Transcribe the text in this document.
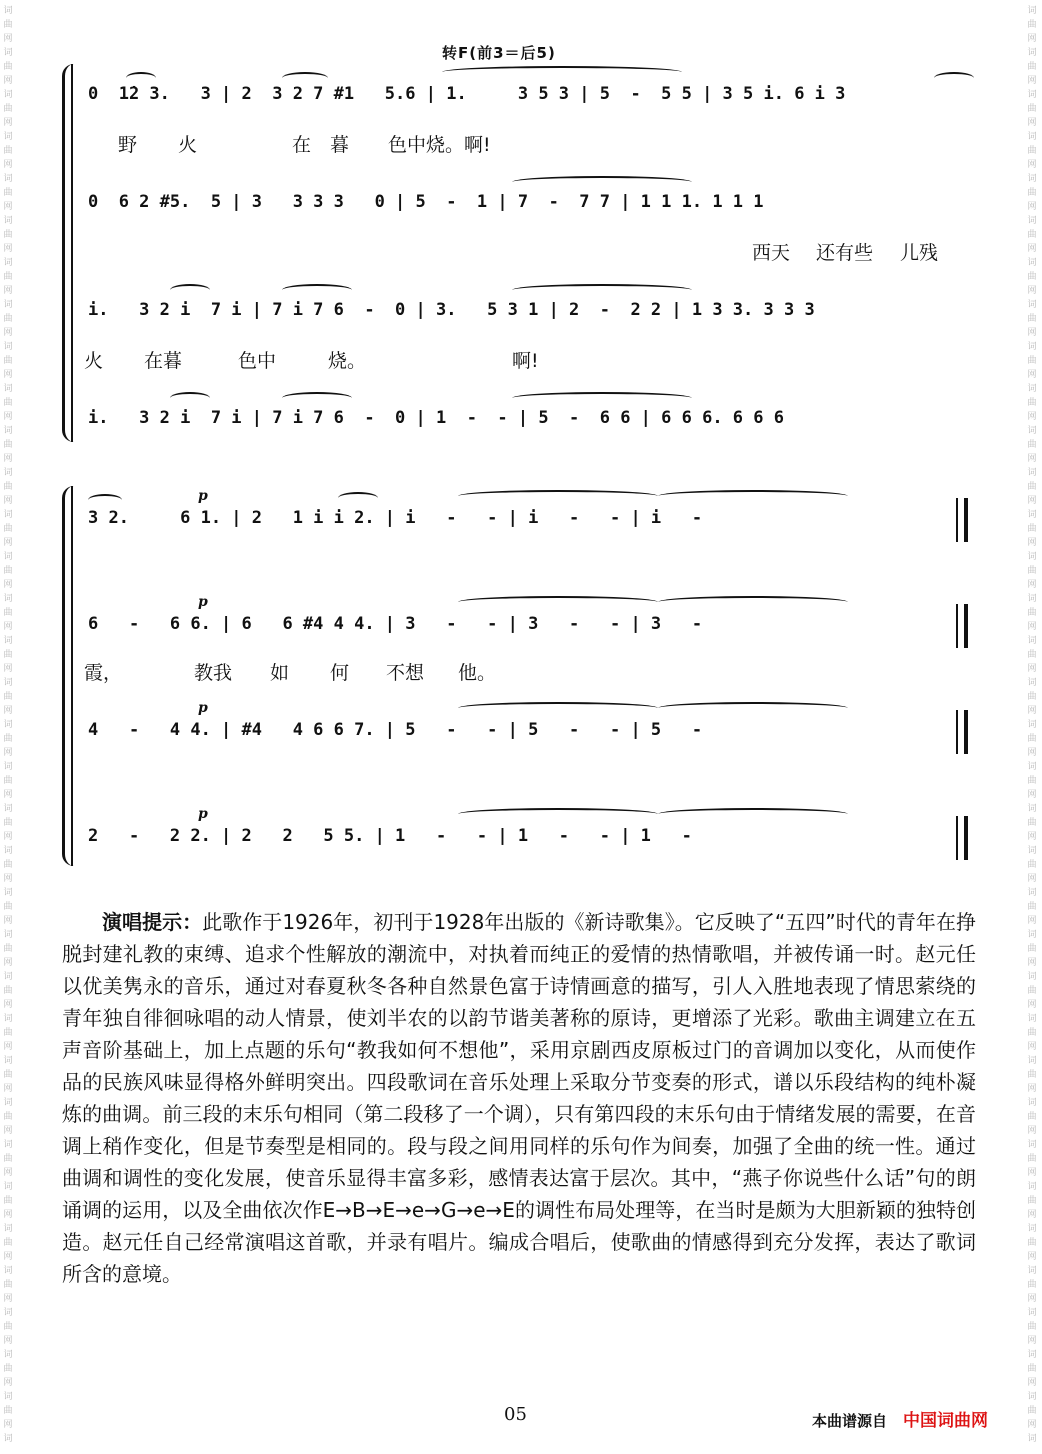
词
曲
网
词
曲
网
词
曲
网
词
曲
网
词
曲
网
词
曲
网
词
曲
网
词
曲
网
词
曲
网
词
曲
网
词
曲
网
词
曲
网
词
曲
网
词
曲
网
词
曲
网
词
曲
网
词
曲
网
词
曲
网
词
曲
网
词
曲
网
词
曲
网
词
曲
网
词
曲
网
词
曲
网
词
曲
网
词
曲
网
词
曲
网
词
曲
网
词
曲
网
词
曲
网
词
曲
网
词
曲
网
词
曲
网
词
曲
网
词
词
曲
网
词
曲
网
词
曲
网
词
曲
网
词
曲
网
词
曲
网
词
曲
网
词
曲
网
词
曲
网
词
曲
网
词
曲
网
词
曲
网
词
曲
网
词
曲
网
词
曲
网
词
曲
网
词
曲
网
词
曲
网
词
曲
网
词
曲
网
词
曲
网
词
曲
网
词
曲
网
词
曲
网
词
曲
网
词
曲
网
词
曲
网
词
曲
网
词
曲
网
词
曲
网
词
曲
网
词
曲
网
词
曲
网
词
曲
网
词
转F(前3＝后5)
0  1̇2 3.   3 | 2  3 2 7 #1   5.6 | 1.     3 5 3 | 5  -  5 5 | 3 5 i. 6 i 3
野 火	在 暮 色中烧。啊!
0  6 2 #5.  5 | 3   3 3 3   0 | 5  -  1 | 7  -  7 7 | 1 1 1. 1 1 1
西天 还有些 儿残
i.   3 2 i  7 i | 7 i 7 6  -  0 | 3.   5 3 1 | 2  -  2 2 | 1 3 3. 3 3 3
火 在暮	色中	烧。	啊!
i.   3 2 i  7 i | 7 i 7 6  -  0 | 1  -  - | 5  -  6 6 | 6 6 6. 6 6 6
p
3 2.     6 1. | 2   1 i i 2. | i   -   - | i   -   - | i   -
p
6   -   6 6. | 6   6 #4 4 4. | 3   -   - | 3   -   - | 3   -
霞，	教我 如 何 不想 他。
p
4   -   4 4. | #4   4 6 6 7. | 5   -   - | 5   -   - | 5   -
p
2   -   2 2. | 2   2   5 5. | 1   -   - | 1   -   - | 1   -

演唱提示：此歌作于1926年，初刊于1928年出版的《新诗歌集》。它反映了“五四”时代的青年在挣脱封建礼教的束缚、追求个性解放的潮流中，对执着而纯正的爱情的热情歌唱，并被传诵一时。赵元任以优美隽永的音乐，通过对春夏秋冬各种自然景色富于诗情画意的描写，引人入胜地表现了情思萦绕的青年独自徘徊咏唱的动人情景，使刘半农的以韵节谐美著称的原诗，更增添了光彩。歌曲主调建立在五声音阶基础上，加上点题的乐句“教我如何不想他”，采用京剧西皮原板过门的音调加以变化，从而使作品的民族风味显得格外鲜明突出。四段歌词在音乐处理上采取分节变奏的形式，谱以乐段结构的纯朴凝炼的曲调。前三段的末乐句相同（第二段移了一个调），只有第四段的末乐句由于情绪发展的需要，在音调上稍作变化，但是节奏型是相同的。段与段之间用同样的乐句作为间奏，加强了全曲的统一性。通过曲调和调性的变化发展，使音乐显得丰富多彩，感情表达富于层次。其中，“燕子你说些什么话”句的朗诵调的运用，以及全曲依次作E→B→E→e→G→e→E的调性布局处理等，在当时是颇为大胆新颖的独特创造。赵元任自己经常演唱这首歌，并录有唱片。编成合唱后，使歌曲的情感得到充分发挥，表达了歌词所含的意境。

05	本曲谱源自 中国词曲网
